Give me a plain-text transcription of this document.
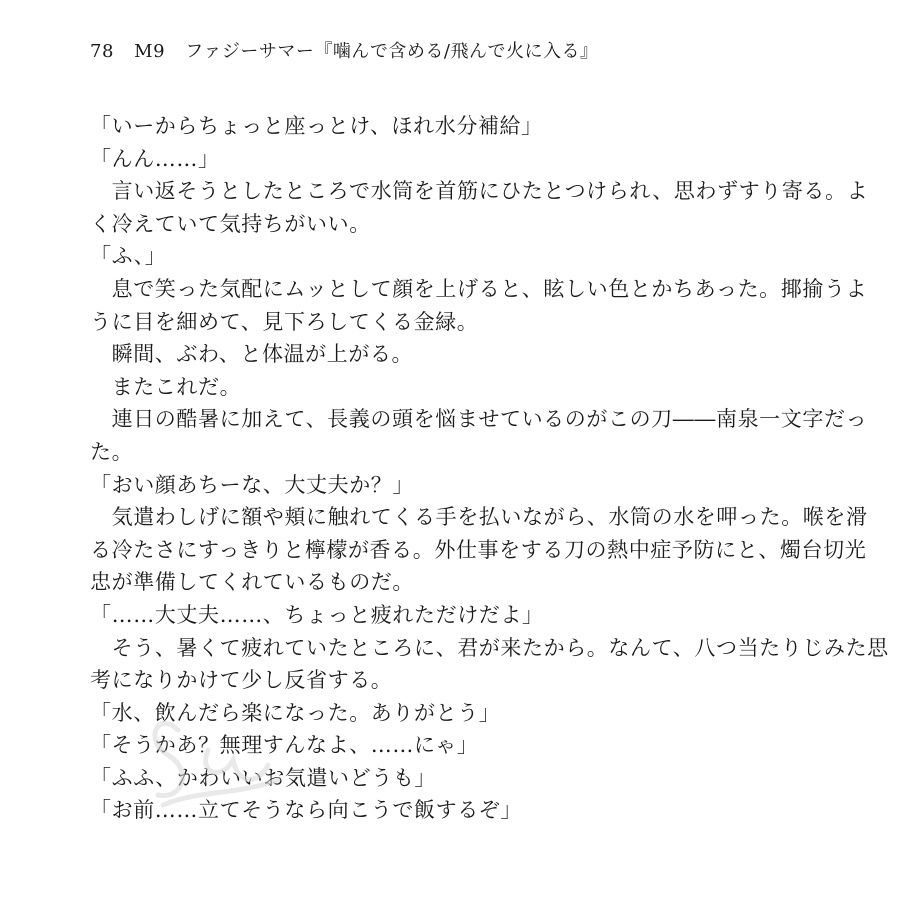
78 M9 ファジーサマー『噛んで含める/飛んで火に入る』
「いーからちょっと座っとけ、ほれ水分補給」
「んん……」
　言い返そうとしたところで水筒を首筋にひたとつけられ、思わずすり寄る。よ
く冷えていて気持ちがいい。
「ふ、」
　息で笑った気配にムッとして顔を上げると、眩しい色とかちあった。揶揄うよ
うに目を細めて、見下ろしてくる金緑。
　瞬間、ぶわ、と体温が上がる。
　またこれだ。
　連日の酷暑に加えて、長義の頭を悩ませているのがこの刀――南泉一文字だっ
た。
「おい顔あちーな、大丈夫か？」
　気遣わしげに額や頬に触れてくる手を払いながら、水筒の水を呷った。喉を滑
る冷たさにすっきりと檸檬が香る。外仕事をする刀の熱中症予防にと、燭台切光
忠が準備してくれているものだ。
「……大丈夫……、ちょっと疲れただけだよ」
　そう、暑くて疲れていたところに、君が来たから。なんて、八つ当たりじみた思
考になりかけて少し反省する。
「水、飲んだら楽になった。ありがとう」
「そうかあ？無理すんなよ、……にゃ」
「ふふ、かわいいお気遣いどうも」
「お前……立てそうなら向こうで飯するぞ」
